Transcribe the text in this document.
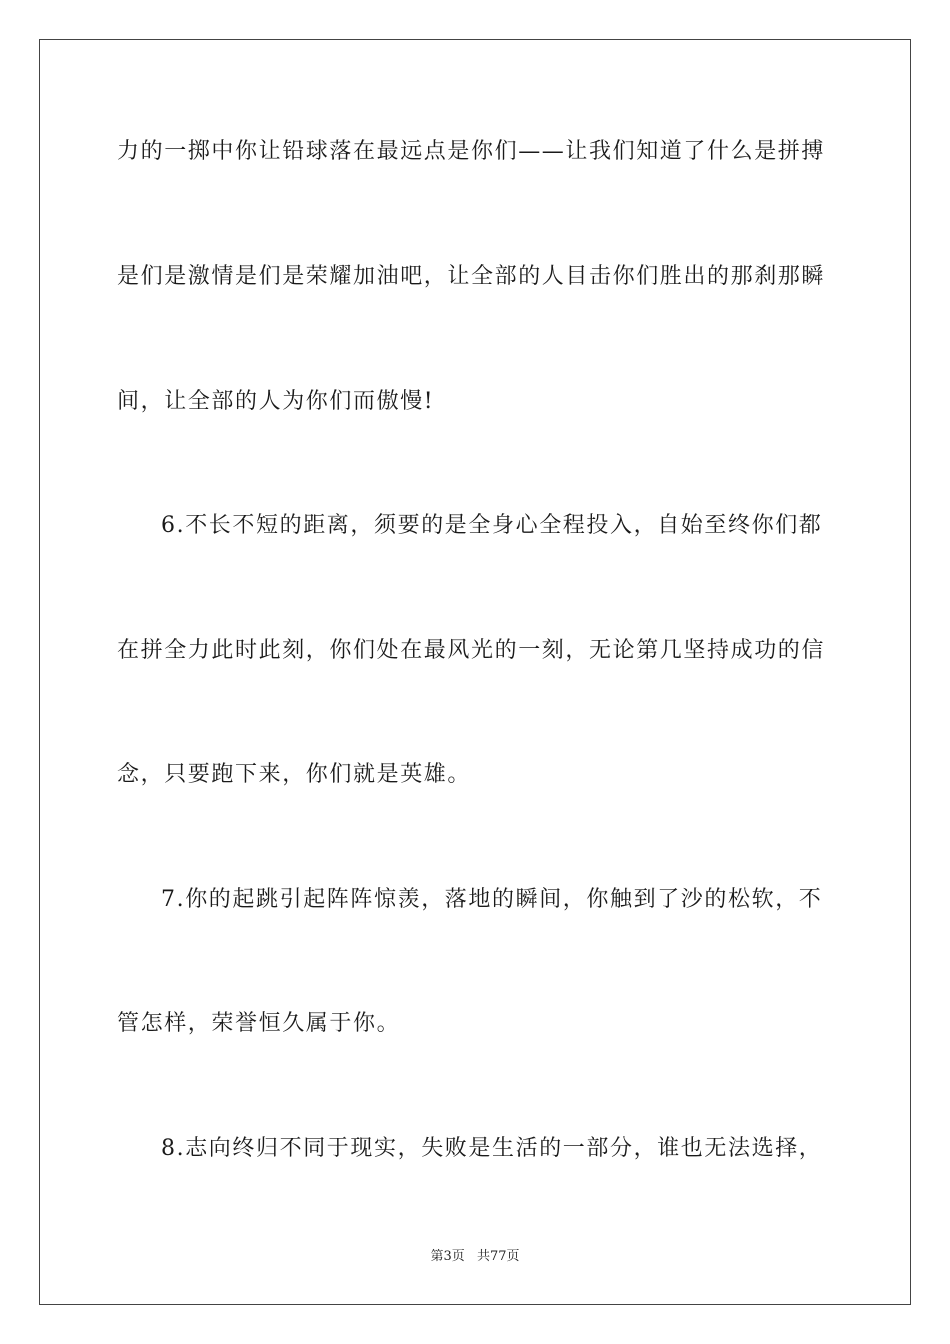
力的一掷中你让铅球落在最远点是你们——让我们知道了什么是拼搏
是们是激情是们是荣耀加油吧，让全部的人目击你们胜出的那刹那瞬
间，让全部的人为你们而傲慢!
6.不长不短的距离，须要的是全身心全程投入，自始至终你们都
在拼全力此时此刻，你们处在最风光的一刻，无论第几坚持成功的信
念，只要跑下来，你们就是英雄。
7.你的起跳引起阵阵惊羡，落地的瞬间，你触到了沙的松软，不
管怎样，荣誉恒久属于你。
8.志向终归不同于现实，失败是生活的一部分，谁也无法选择，
第3页 共77页
